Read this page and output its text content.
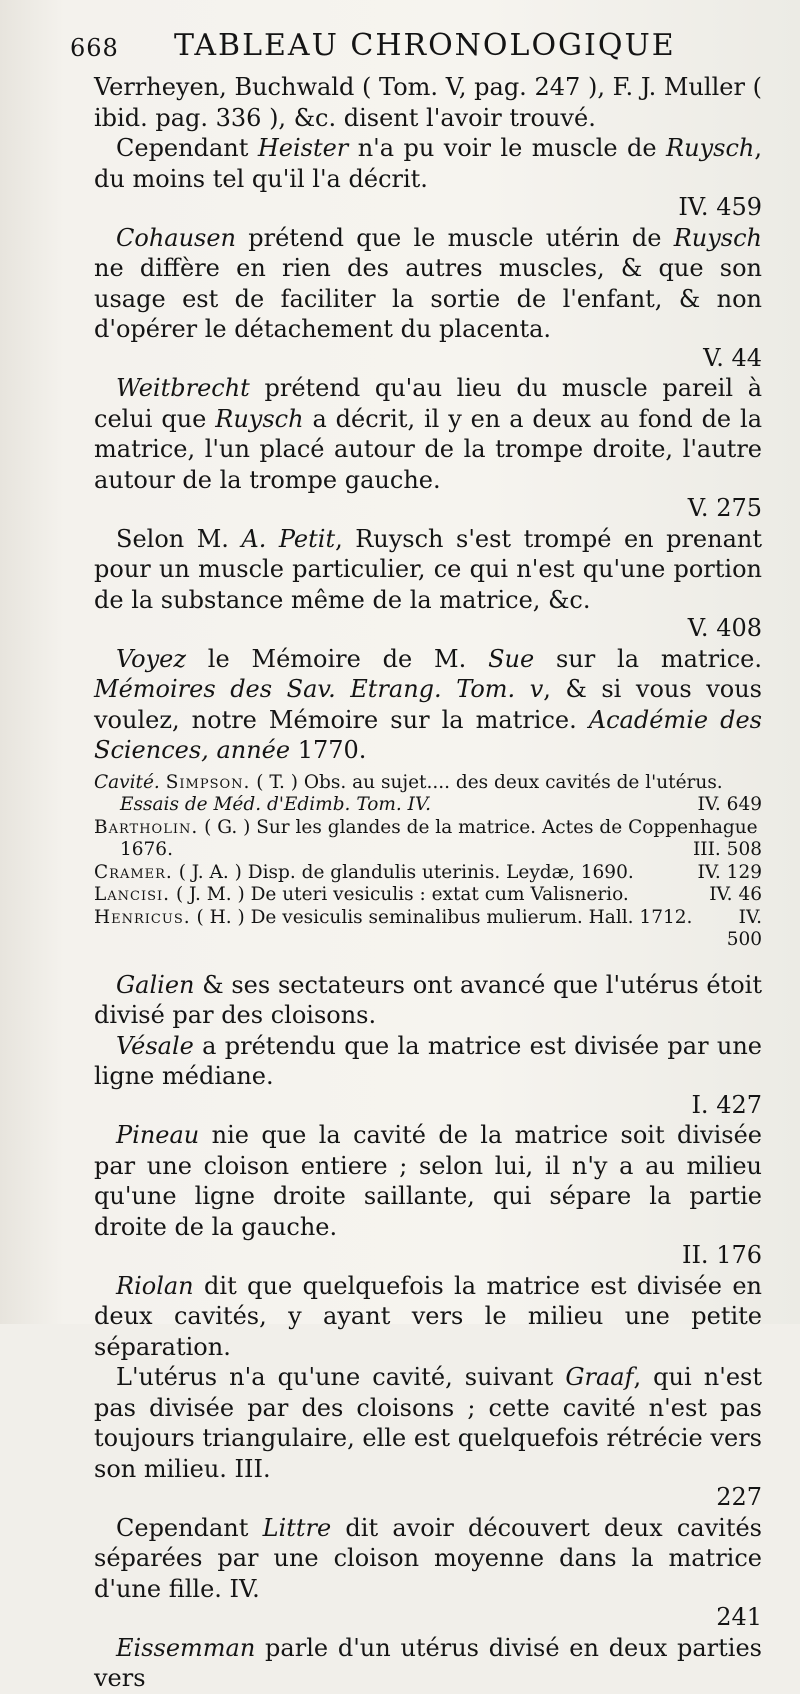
668 TABLEAU CHRONOLOGIQUE

Verrheyen, Buchwald ( Tom. V, pag. 247 ), F. J. Muller ( ibid. pag. 336 ), &c. disent l'avoir trouvé.

Cependant Heister n'a pu voir le muscle de Ruysch, du moins tel qu'il l'a décrit.
IV. 459

Cohausen prétend que le muscle utérin de Ruysch ne diffère en rien des autres muscles, & que son usage est de faciliter la sortie de l'enfant, & non d'opérer le détachement du placenta.
V. 44

Weitbrecht prétend qu'au lieu du muscle pareil à celui que Ruysch a décrit, il y en a deux au fond de la matrice, l'un placé autour de la trompe droite, l'autre autour de la trompe gauche.
V. 275

Selon M. A. Petit, Ruysch s'est trompé en prenant pour un muscle particulier, ce qui n'est qu'une portion de la substance même de la matrice, &c.
V. 408

Voyez le Mémoire de M. Sue sur la matrice. Mémoires des Sav. Etrang. Tom. v, & si vous vous voulez, notre Mémoire sur la matrice. Académie des Sciences, année 1770.

Cavité. Simpson. ( T. ) Obs. au sujet.... des deux cavités de l'utérus.
Essais de Méd. d'Edimb. Tom. IV.	IV. 649
Bartholin. ( G. ) Sur les glandes de la matrice. Actes de Coppenhague
1676.	III. 508
IV. 129
Cramer. ( J. A. ) Disp. de glandulis uterinis. Leydæ, 1690.
IV. 46
Lancisi. ( J. M. ) De uteri vesiculis : extat cum Valisnerio.
IV.
Henricus. ( H. ) De vesiculis seminalibus mulierum. Hall. 1712.
500

Galien & ses sectateurs ont avancé que l'utérus étoit divisé par des cloisons.

Vésale a prétendu que la matrice est divisée par une ligne médiane.
I. 427

Pineau nie que la cavité de la matrice soit divisée par une cloison entiere ; selon lui, il n'y a au milieu qu'une ligne droite saillante, qui sépare la partie droite de la gauche.
II. 176

Riolan dit que quelquefois la matrice est divisée en deux cavités, y ayant vers le milieu une petite séparation.

L'utérus n'a qu'une cavité, suivant Graaf, qui n'est pas divisée par des cloisons ; cette cavité n'est pas toujours triangulaire, elle est quelquefois rétrécie vers son milieu. III.
227

Cependant Littre dit avoir découvert deux cavités séparées par une cloison moyenne dans la matrice d'une fille. IV.
241

Eissemman parle d'un utérus divisé en deux parties vers
